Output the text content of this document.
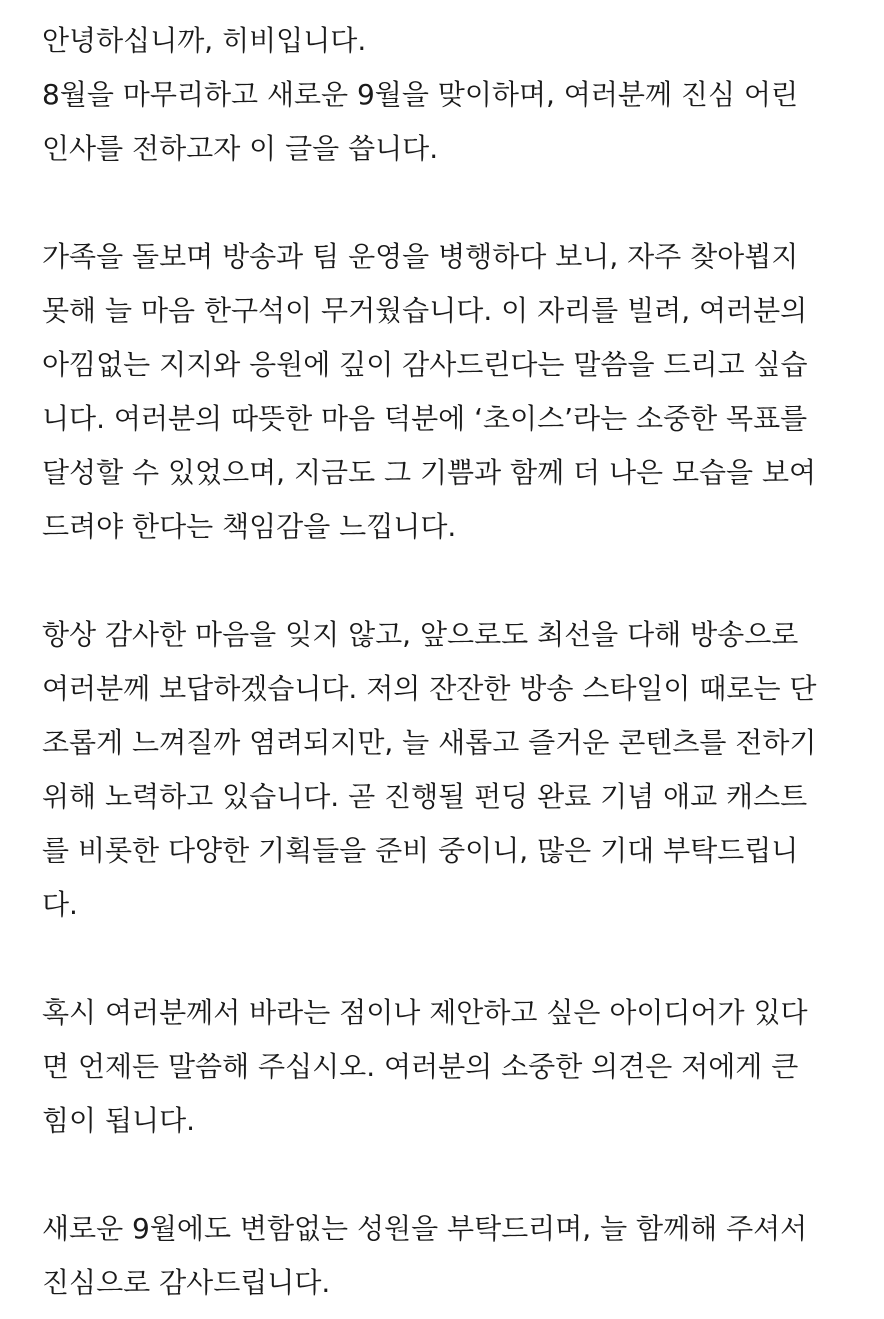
안녕하십니까, 히비입니다.
8월을 마무리하고 새로운 9월을 맞이하며, 여러분께 진심 어린
인사를 전하고자 이 글을 씁니다.
가족을 돌보며 방송과 팀 운영을 병행하다 보니, 자주 찾아뵙지
못해 늘 마음 한구석이 무거웠습니다. 이 자리를 빌려, 여러분의
아낌없는 지지와 응원에 깊이 감사드린다는 말씀을 드리고 싶습
니다. 여러분의 따뜻한 마음 덕분에 ‘초이스’라는 소중한 목표를
달성할 수 있었으며, 지금도 그 기쁨과 함께 더 나은 모습을 보여
드려야 한다는 책임감을 느낍니다.
항상 감사한 마음을 잊지 않고, 앞으로도 최선을 다해 방송으로
여러분께 보답하겠습니다. 저의 잔잔한 방송 스타일이 때로는 단
조롭게 느껴질까 염려되지만, 늘 새롭고 즐거운 콘텐츠를 전하기
위해 노력하고 있습니다. 곧 진행될 펀딩 완료 기념 애교 캐스트
를 비롯한 다양한 기획들을 준비 중이니, 많은 기대 부탁드립니
다.
혹시 여러분께서 바라는 점이나 제안하고 싶은 아이디어가 있다
면 언제든 말씀해 주십시오. 여러분의 소중한 의견은 저에게 큰
힘이 됩니다.
새로운 9월에도 변함없는 성원을 부탁드리며, 늘 함께해 주셔서
진심으로 감사드립니다.
